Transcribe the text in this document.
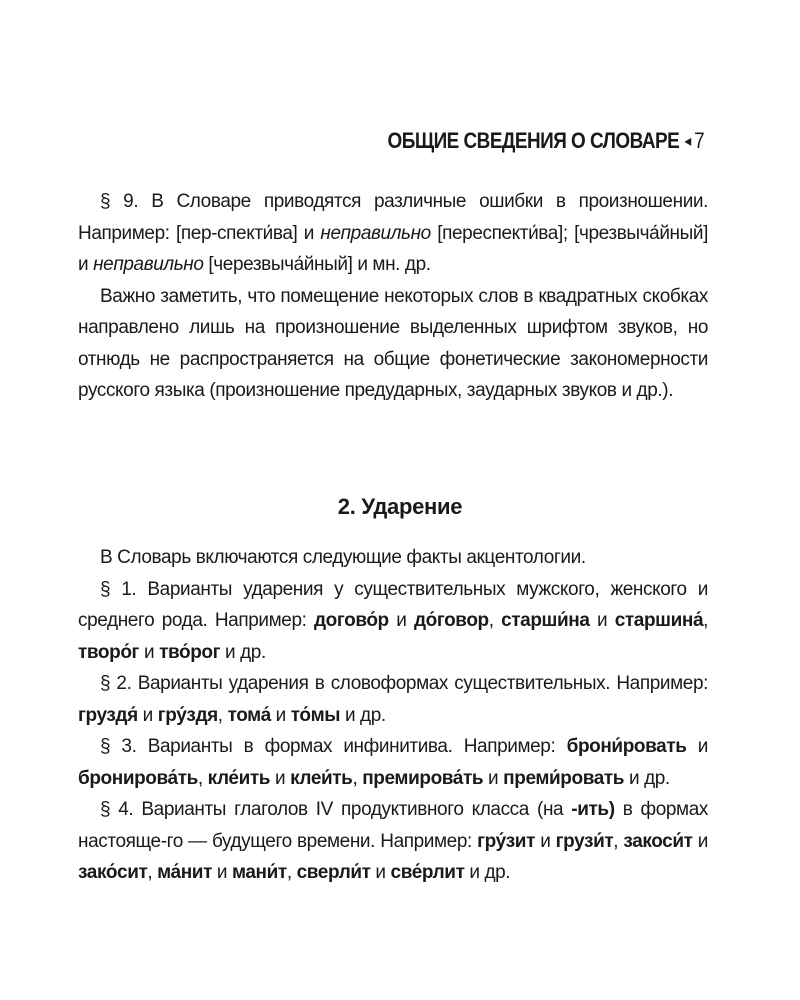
ОБЩИЕ СВЕДЕНИЯ О СЛОВАРЕ ◂ 7

§ 9. В Словаре приводятся различные ошибки в произношении. Например: [пер-спекти́ва] и неправильно [перeспекти́ва]; [чрезвыча́йный] и неправильно [черезвыча́йный] и мн. др.

Важно заметить, что помещение некоторых слов в квадратных скобках направлено лишь на произношение выделенных шрифтом звуков, но отнюдь не распространяется на общие фонетические закономерности русского языка (произношение предударных, заударных звуков и др.).

2. Ударение

В Словарь включаются следующие факты акцентологии.

§ 1. Варианты ударения у существительных мужского, женского и среднего рода. Например: догово́р и до́говор, старши́на и старшина́, творо́г и тво́рог и др.

§ 2. Варианты ударения в словоформах существительных. Например: груздя́ и гру́здя, тома́ и то́мы и др.

§ 3. Варианты в формах инфинитива. Например: брони́ровать и бронирова́ть, кле́ить и клеи́ть, премирова́ть и преми́ровать и др.

§ 4. Варианты глаголов IV продуктивного класса (на -ить) в формах настояще-го — будущего времени. Например: гру́зит и грузи́т, закоси́т и зако́сит, ма́нит и мани́т, сверли́т и све́рлит и др.
